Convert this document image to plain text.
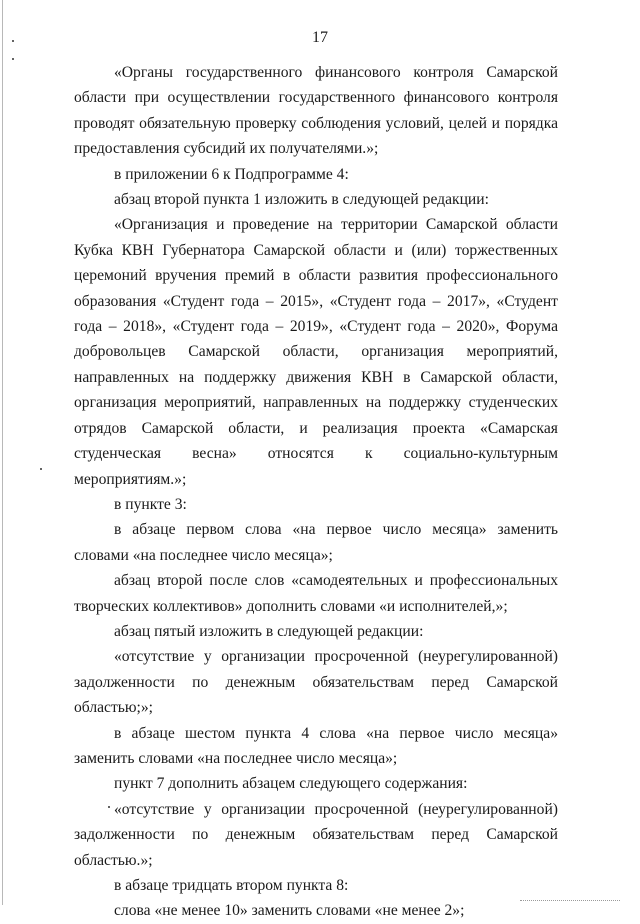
17

«Органы государственного финансового контроля Самарской области при осуществлении государственного финансового контроля проводят обязательную проверку соблюдения условий, целей и порядка предоставления субсидий их получателями.»;

в приложении 6 к Подпрограмме 4:

абзац второй пункта 1 изложить в следующей редакции:

«Организация и проведение на территории Самарской области Кубка КВН Губернатора Самарской области и (или) торжественных церемоний вручения премий в области развития профессионального образования «Студент года – 2015», «Студент года – 2017», «Студент года – 2018», «Студент года – 2019», «Студент года – 2020», Форума добровольцев Самарской области, организация мероприятий, направленных на поддержку движения КВН в Самарской области, организация мероприятий, направленных на поддержку студенческих отрядов Самарской области, и реализация проекта «Самарская студенческая весна» относятся к социально-культурным мероприятиям.»;

в пункте 3:

в абзаце первом слова «на первое число месяца» заменить словами «на последнее число месяца»;

абзац второй после слов «самодеятельных и профессиональных творческих коллективов» дополнить словами «и исполнителей,»;

абзац пятый изложить в следующей редакции:

«отсутствие у организации просроченной (неурегулированной) задолженности по денежным обязательствам перед Самарской областью;»;

в абзаце шестом пункта 4 слова «на первое число месяца» заменить словами «на последнее число месяца»;

пункт 7 дополнить абзацем следующего содержания:

«отсутствие у организации просроченной (неурегулированной) задолженности по денежным обязательствам перед Самарской областью.»;

в абзаце тридцать втором пункта 8:

слова «не менее 10» заменить словами «не менее 2»;
